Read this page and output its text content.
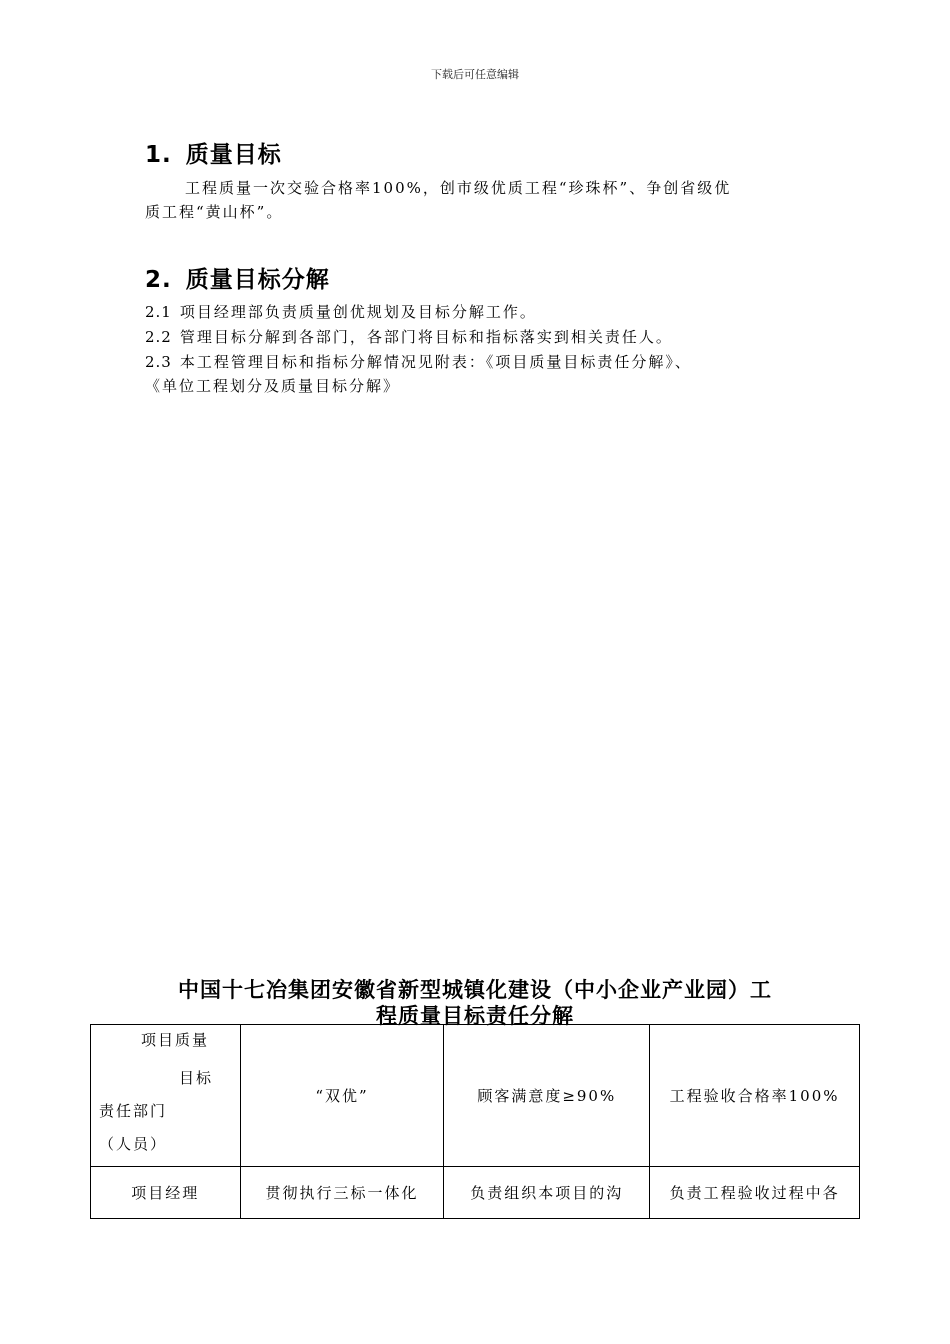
下载后可任意编辑
1. 质量目标
工程质量一次交验合格率100%，创市级优质工程“珍珠杯”、争创省级优
质工程“黄山杯”。
2. 质量目标分解
2.1 项目经理部负责质量创优规划及目标分解工作。
2.2 管理目标分解到各部门，各部门将目标和指标落实到相关责任人。
2.3 本工程管理目标和指标分解情况见附表：《项目质量目标责任分解》、
《单位工程划分及质量目标分解》
中国十七冶集团安徽省新型城镇化建设（中小企业产业园）工
程质量目标责任分解
项目质量
目标
责任部门
（人员）	“双优”	顾客满意度≥90%	工程验收合格率100%
项目经理	贯彻执行三标一体化	负责组织本项目的沟	负责工程验收过程中各
